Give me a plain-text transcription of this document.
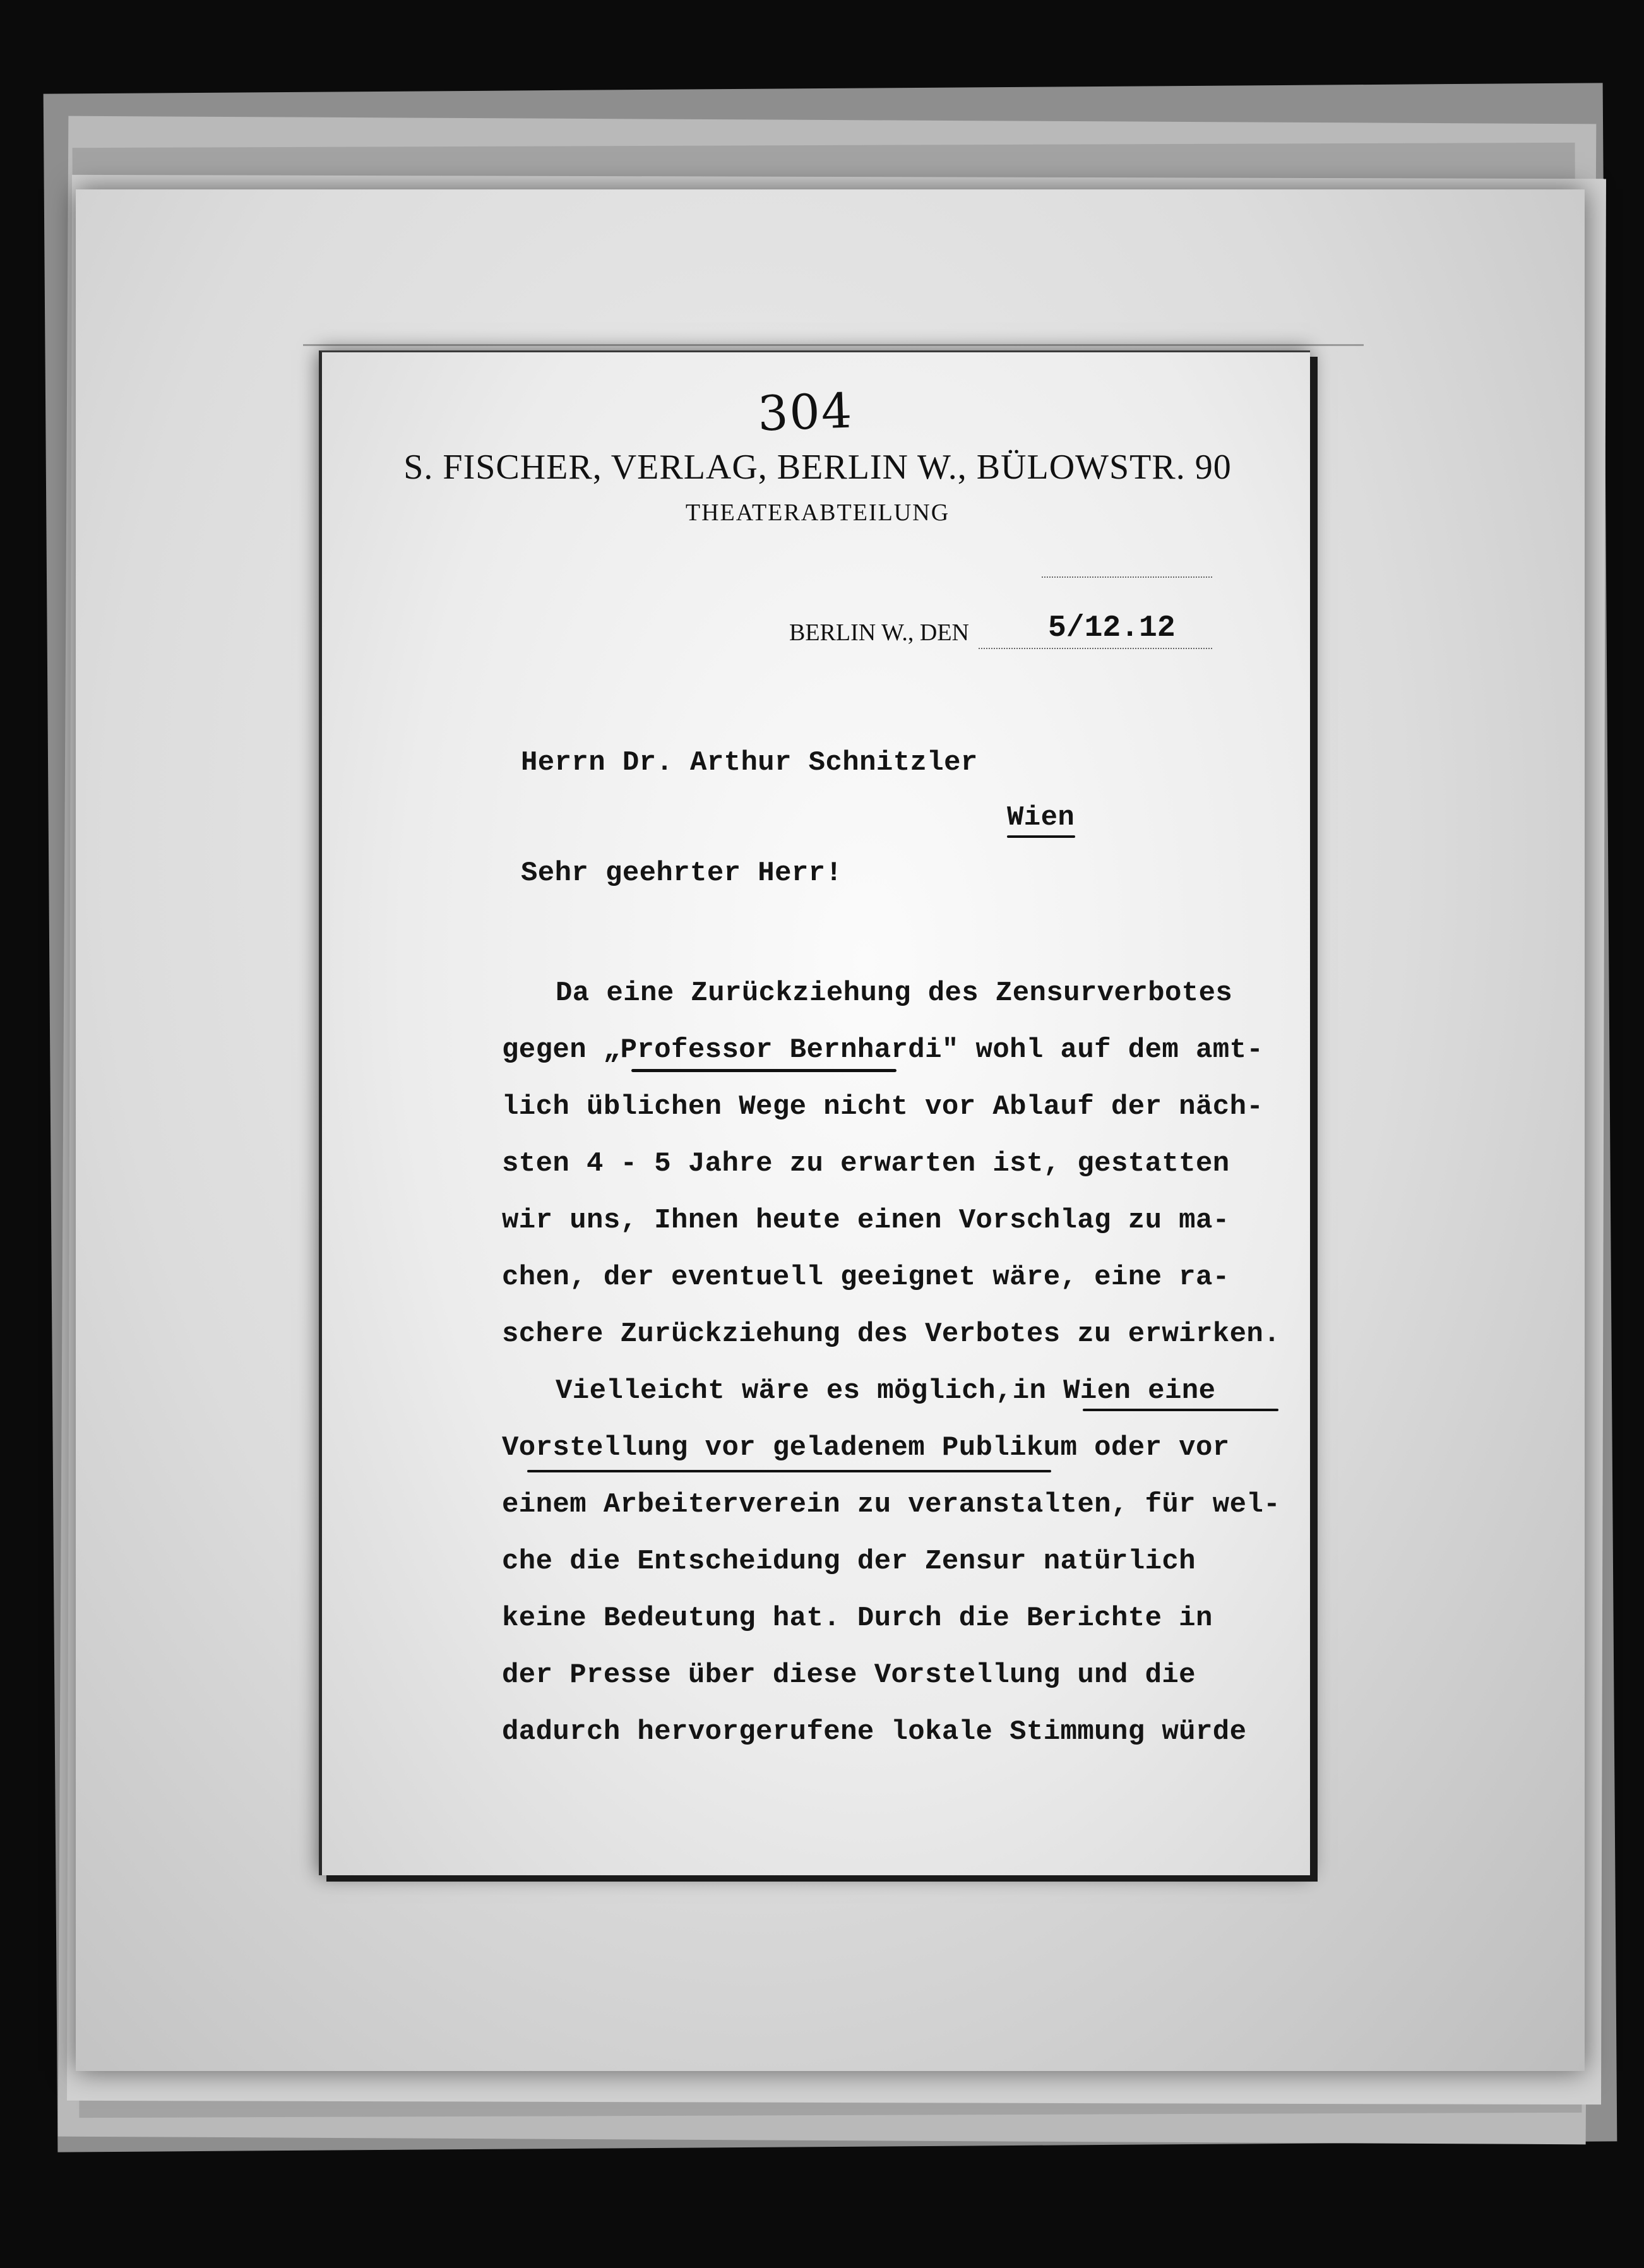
304
S. FISCHER, VERLAG, BERLIN W., BÜLOWSTR. 90
THEATERABTEILUNG
BERLIN W., DEN	5/12.12
Herrn Dr. Arthur Schnitzler
Wien
Sehr geehrter Herr!
Da eine Zurückziehung des Zensurverbotes
gegen „Professor Bernhardi" wohl auf dem amt-
lich üblichen Wege nicht vor Ablauf der näch-
sten 4 - 5 Jahre zu erwarten ist, gestatten
wir uns, Ihnen heute einen Vorschlag zu ma-
chen, der eventuell geeignet wäre, eine ra-
schere Zurückziehung des Verbotes zu erwirken.
Vielleicht wäre es möglich,in Wien eine
Vorstellung vor geladenem Publikum oder vor
einem Arbeiterverein zu veranstalten, für wel-
che die Entscheidung der Zensur natürlich
keine Bedeutung hat. Durch die Berichte in
der Presse über diese Vorstellung und die
dadurch hervorgerufene lokale Stimmung würde
